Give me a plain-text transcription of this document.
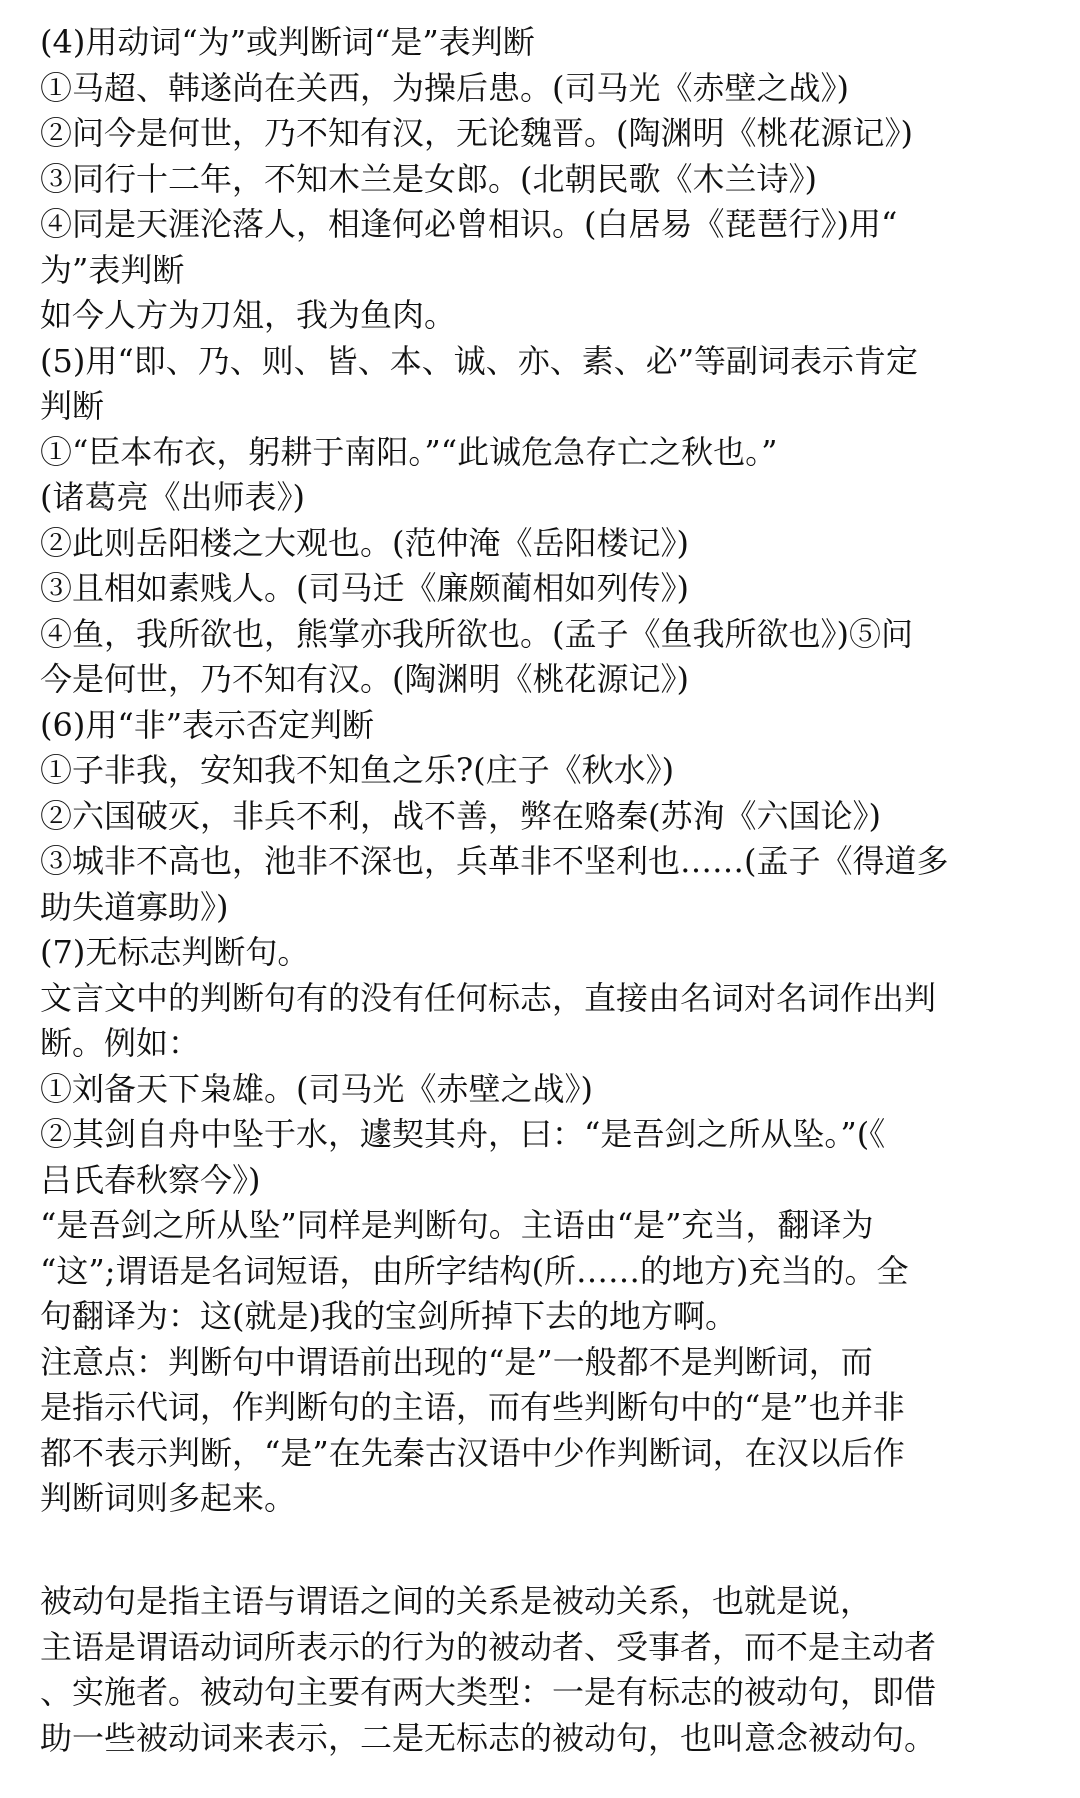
(4)用动词“为”或判断词“是”表判断
①马超、韩遂尚在关西，为操后患。(司马光《赤壁之战》)
②问今是何世，乃不知有汉，无论魏晋。(陶渊明《桃花源记》)
③同行十二年，不知木兰是女郎。(北朝民歌《木兰诗》)
④同是天涯沦落人，相逢何必曾相识。(白居易《琵琶行》)用“
为”表判断
如今人方为刀俎，我为鱼肉。
(5)用“即、乃、则、皆、本、诚、亦、素、必”等副词表示肯定
判断
①“臣本布衣，躬耕于南阳。”“此诚危急存亡之秋也。”
(诸葛亮《出师表》)
②此则岳阳楼之大观也。(范仲淹《岳阳楼记》)
③且相如素贱人。(司马迁《廉颇蔺相如列传》)
④鱼，我所欲也，熊掌亦我所欲也。(孟子《鱼我所欲也》)⑤问
今是何世，乃不知有汉。(陶渊明《桃花源记》)
(6)用“非”表示否定判断
①子非我，安知我不知鱼之乐?(庄子《秋水》)
②六国破灭，非兵不利，战不善，弊在赂秦(苏洵《六国论》)
③城非不高也，池非不深也，兵革非不坚利也……(孟子《得道多
助失道寡助》)
(7)无标志判断句。
文言文中的判断句有的没有任何标志，直接由名词对名词作出判
断。例如：
①刘备天下枭雄。(司马光《赤壁之战》)
②其剑自舟中坠于水，遽契其舟，曰：“是吾剑之所从坠。”(《
吕氏春秋察今》)
“是吾剑之所从坠”同样是判断句。主语由“是”充当，翻译为
“这”;谓语是名词短语，由所字结构(所……的地方)充当的。全
句翻译为：这(就是)我的宝剑所掉下去的地方啊。
注意点：判断句中谓语前出现的“是”一般都不是判断词，而
是指示代词，作判断句的主语，而有些判断句中的“是”也并非
都不表示判断，“是”在先秦古汉语中少作判断词，在汉以后作
判断词则多起来。

被动句是指主语与谓语之间的关系是被动关系，也就是说，
主语是谓语动词所表示的行为的被动者、受事者，而不是主动者
、实施者。被动句主要有两大类型：一是有标志的被动句，即借
助一些被动词来表示，二是无标志的被动句，也叫意念被动句。
